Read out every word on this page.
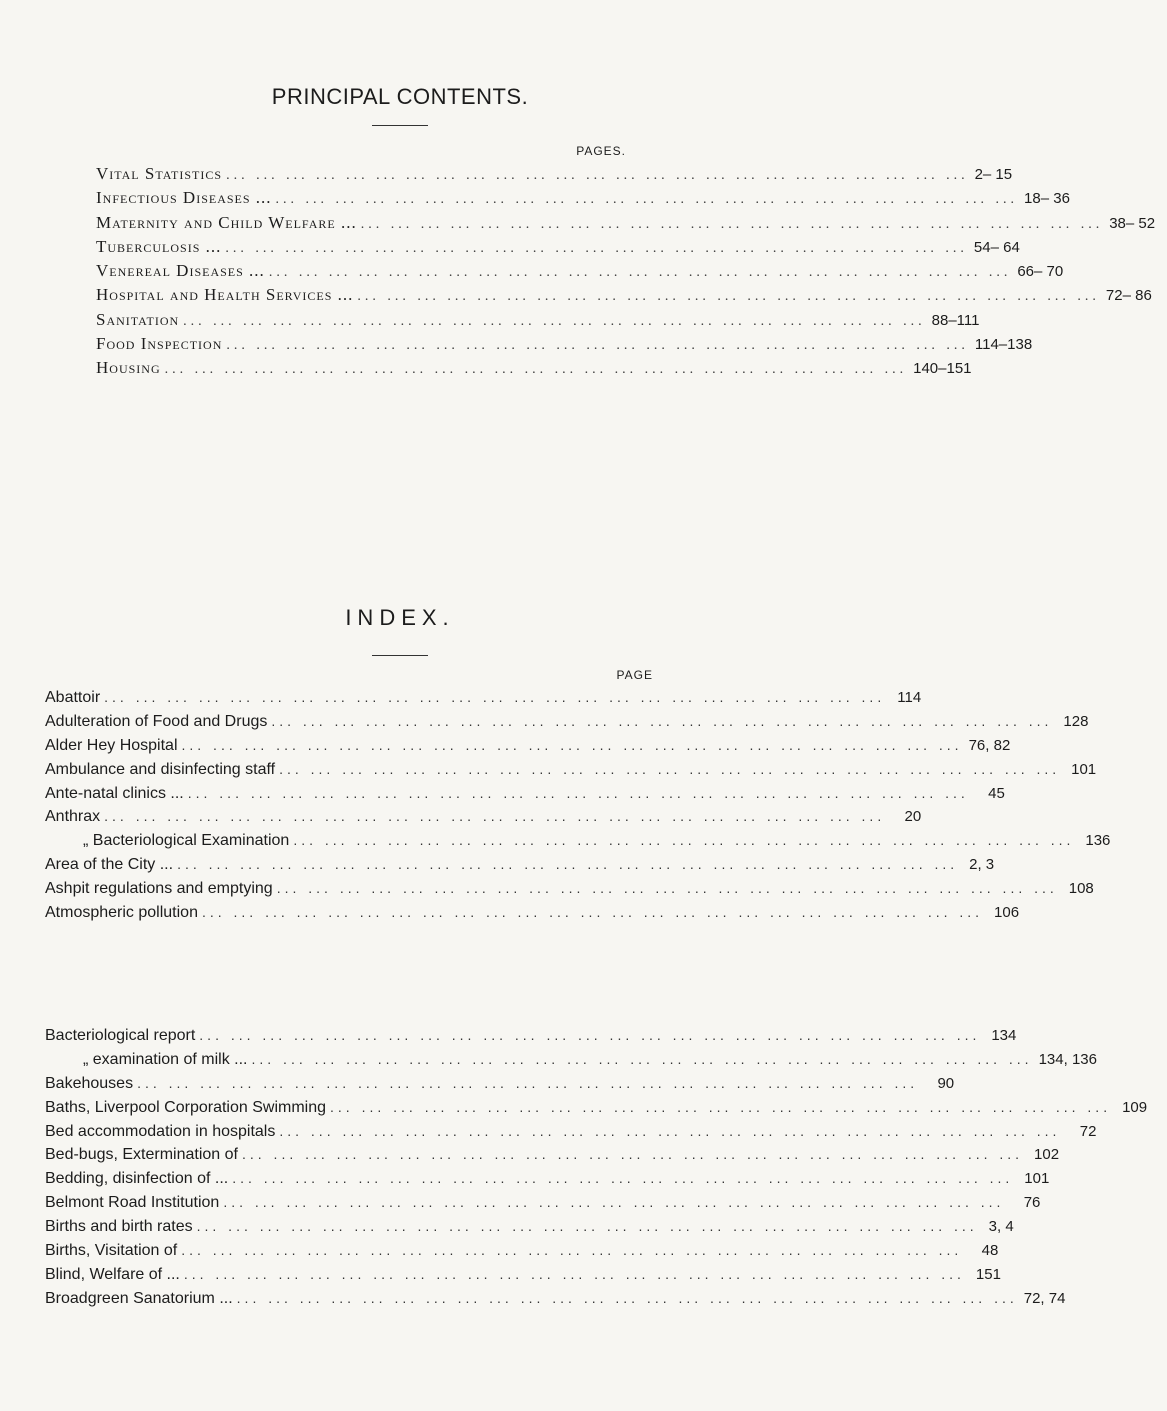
PRINCIPAL CONTENTS.
PAGES.
Vital Statistics ... ... ... ... ... ... ... ... ... ... ... ... ... ... ... ... ... ... ... ... ... ... ... ... ... 2– 15
Infectious Diseases ... ... ... ... ... ... ... ... ... ... ... ... ... ... ... ... ... ... ... ... ... ... ... ... ... ... 18– 36
Maternity and Child Welfare ... ... ... ... ... ... ... ... ... ... ... ... ... ... ... ... ... ... ... ... ... ... ... ... ... ... 38– 52
Tuberculosis ... ... ... ... ... ... ... ... ... ... ... ... ... ... ... ... ... ... ... ... ... ... ... ... ... ... 54– 64
Venereal Diseases ... ... ... ... ... ... ... ... ... ... ... ... ... ... ... ... ... ... ... ... ... ... ... ... ... ... 66– 70
Hospital and Health Services ... ... ... ... ... ... ... ... ... ... ... ... ... ... ... ... ... ... ... ... ... ... ... ... ... ... 72– 86
Sanitation ... ... ... ... ... ... ... ... ... ... ... ... ... ... ... ... ... ... ... ... ... ... ... ... ... 88–111
Food Inspection ... ... ... ... ... ... ... ... ... ... ... ... ... ... ... ... ... ... ... ... ... ... ... ... ... 114–138
Housing ... ... ... ... ... ... ... ... ... ... ... ... ... ... ... ... ... ... ... ... ... ... ... ... ... 140–151
INDEX.
PAGE
Abattoir ... ... ... ... ... ... ... ... ... ... ... ... ... ... ... ... ... ... ... ... ... ... ... ... ... 114
Adulteration of Food and Drugs ... ... ... ... ... ... ... ... ... ... ... ... ... ... ... ... ... ... ... ... ... ... ... ... ... 128
Alder Hey Hospital ... ... ... ... ... ... ... ... ... ... ... ... ... ... ... ... ... ... ... ... ... ... ... ... ... 76, 82
Ambulance and disinfecting staff ... ... ... ... ... ... ... ... ... ... ... ... ... ... ... ... ... ... ... ... ... ... ... ... ... 101
Ante-natal clinics ... ... ... ... ... ... ... ... ... ... ... ... ... ... ... ... ... ... ... ... ... ... ... ... ... ...	45
Anthrax ... ... ... ... ... ... ... ... ... ... ... ... ... ... ... ... ... ... ... ... ... ... ... ... ...	20
„ Bacteriological Examination ... ... ... ... ... ... ... ... ... ... ... ... ... ... ... ... ... ... ... ... ... ... ... ... ... 136
Area of the City ... ... ... ... ... ... ... ... ... ... ... ... ... ... ... ... ... ... ... ... ... ... ... ... ... ... 2, 3
Ashpit regulations and emptying ... ... ... ... ... ... ... ... ... ... ... ... ... ... ... ... ... ... ... ... ... ... ... ... ... 108
Atmospheric pollution ... ... ... ... ... ... ... ... ... ... ... ... ... ... ... ... ... ... ... ... ... ... ... ... ... 106
Bacteriological report ... ... ... ... ... ... ... ... ... ... ... ... ... ... ... ... ... ... ... ... ... ... ... ... ... 134
„ examination of milk ... ... ... ... ... ... ... ... ... ... ... ... ... ... ... ... ... ... ... ... ... ... ... ... ... ... 134, 136
Bakehouses ... ... ... ... ... ... ... ... ... ... ... ... ... ... ... ... ... ... ... ... ... ... ... ... ...	90
Baths, Liverpool Corporation Swimming ... ... ... ... ... ... ... ... ... ... ... ... ... ... ... ... ... ... ... ... ... ... ... ... ... 109
Bed accommodation in hospitals ... ... ... ... ... ... ... ... ... ... ... ... ... ... ... ... ... ... ... ... ... ... ... ... ...	72
Bed-bugs, Extermination of ... ... ... ... ... ... ... ... ... ... ... ... ... ... ... ... ... ... ... ... ... ... ... ... ... 102
Bedding, disinfection of ... ... ... ... ... ... ... ... ... ... ... ... ... ... ... ... ... ... ... ... ... ... ... ... ... ... 101
Belmont Road Institution ... ... ... ... ... ... ... ... ... ... ... ... ... ... ... ... ... ... ... ... ... ... ... ... ...	76
Births and birth rates ... ... ... ... ... ... ... ... ... ... ... ... ... ... ... ... ... ... ... ... ... ... ... ... ... 3, 4
Births, Visitation of ... ... ... ... ... ... ... ... ... ... ... ... ... ... ... ... ... ... ... ... ... ... ... ... ...	48
Blind, Welfare of ... ... ... ... ... ... ... ... ... ... ... ... ... ... ... ... ... ... ... ... ... ... ... ... ... ... 151
Broadgreen Sanatorium ... ... ... ... ... ... ... ... ... ... ... ... ... ... ... ... ... ... ... ... ... ... ... ... ... ... 72, 74
